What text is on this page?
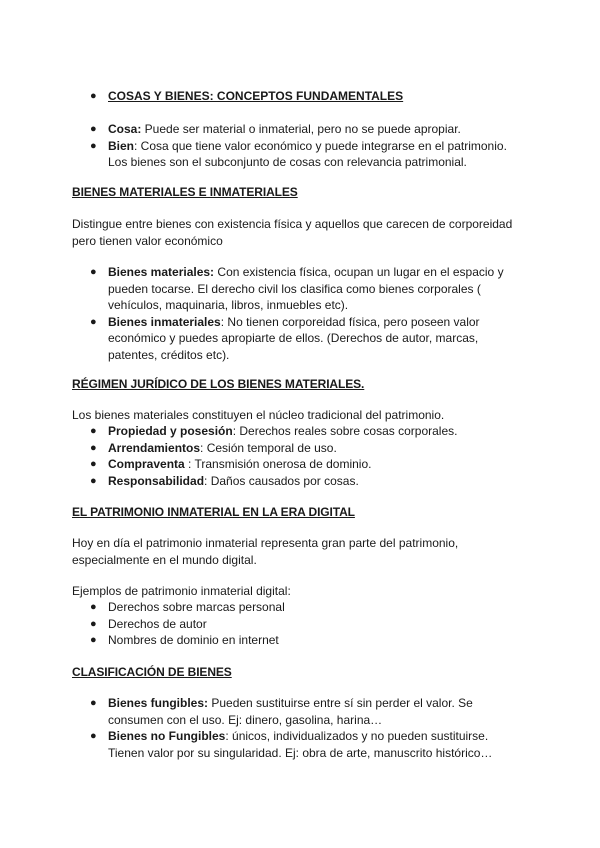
● COSAS Y BIENES: CONCEPTOS FUNDAMENTALES
● Cosa: Puede ser material o inmaterial, pero no se puede apropiar.
● Bien: Cosa que tiene valor económico y puede integrarse en el patrimonio. Los bienes son el subconjunto de cosas con relevancia patrimonial.
BIENES MATERIALES E INMATERIALES
Distingue entre bienes con existencia física y aquellos que carecen de corporeidad pero tienen valor económico
● Bienes materiales: Con existencia física, ocupan un lugar en el espacio y pueden tocarse. El derecho civil los clasifica como bienes corporales ( vehículos, maquinaria, libros, inmuebles etc).
● Bienes inmateriales: No tienen corporeidad física, pero poseen valor económico y puedes apropiarte de ellos. (Derechos de autor, marcas, patentes, créditos etc).
RÉGIMEN JURÍDICO DE LOS BIENES MATERIALES.
Los bienes materiales constituyen el núcleo tradicional del patrimonio.
● Propiedad y posesión: Derechos reales sobre cosas corporales.
● Arrendamientos: Cesión temporal de uso.
● Compraventa : Transmisión onerosa de dominio.
● Responsabilidad: Daños causados por cosas.
EL PATRIMONIO INMATERIAL EN LA ERA DIGITAL
Hoy en día el patrimonio inmaterial representa gran parte del patrimonio, especialmente en el mundo digital.
Ejemplos de patrimonio inmaterial digital:
● Derechos sobre marcas personal
● Derechos de autor
● Nombres de dominio en internet
CLASIFICACIÓN DE BIENES
● Bienes fungibles: Pueden sustituirse entre sí sin perder el valor. Se consumen con el uso. Ej: dinero, gasolina, harina…
● Bienes no Fungibles: únicos, individualizados y no pueden sustituirse. Tienen valor por su singularidad. Ej: obra de arte, manuscrito histórico…
